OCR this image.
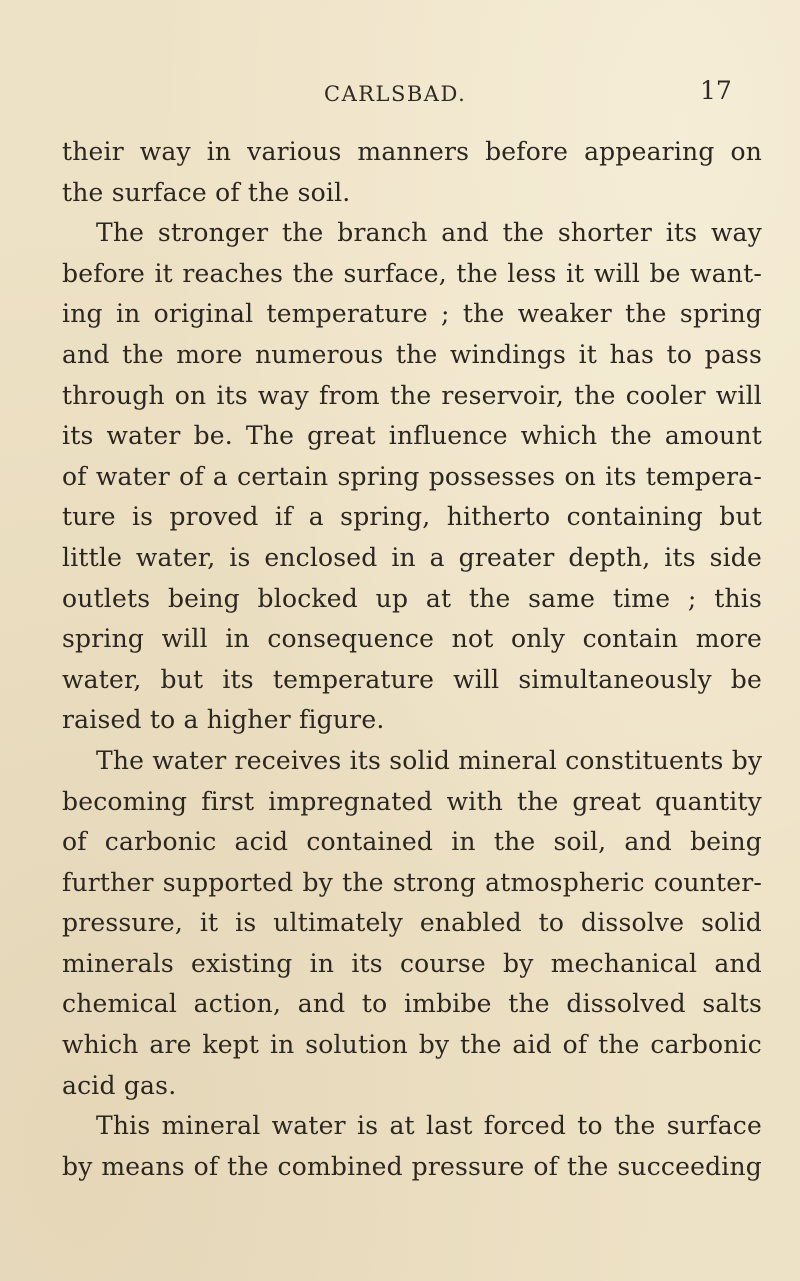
CARLSBAD.	17
their way in various manners before appearing on
the surface of the soil.
The stronger the branch and the shorter its way
before it reaches the surface, the less it will be want-
ing in original temperature ; the weaker the spring
and the more numerous the windings it has to pass
through on its way from the reservoir, the cooler will
its water be. The great influence which the amount
of water of a certain spring possesses on its tempera-
ture is proved if a spring, hitherto containing but
little water, is enclosed in a greater depth, its side
outlets being blocked up at the same time ; this
spring will in consequence not only contain more
water, but its temperature will simultaneously be
raised to a higher figure.
The water receives its solid mineral constituents by
becoming first impregnated with the great quantity
of carbonic acid contained in the soil, and being
further supported by the strong atmospheric counter-
pressure, it is ultimately enabled to dissolve solid
minerals existing in its course by mechanical and
chemical action, and to imbibe the dissolved salts
which are kept in solution by the aid of the carbonic
acid gas.
This mineral water is at last forced to the surface
by means of the combined pressure of the succeeding
